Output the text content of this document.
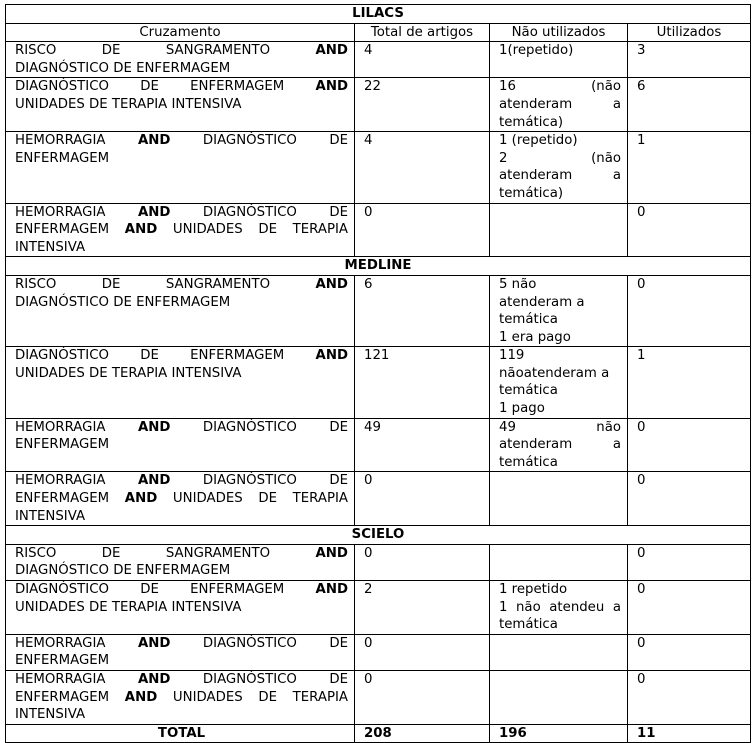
LILACS			
Cruzamento	Total de artigos	Não utilizados	Utilizados

RISCO DE SANGRAMENTO AND
DIAGNÓSTICO DE ENFERMAGEM	4	1(repetido)	3

DIAGNÓSTICO DE ENFERMAGEM AND
UNIDADES DE TERAPIA INTENSIVA	22	16 (não
atenderam a
temática)	6

HEMORRAGIA AND DIAGNÓSTICO DE
ENFERMAGEM	4	1 (repetido)
2 (não
atenderam a
temática)	1

HEMORRAGIA AND DIAGNÓSTICO DE
ENFERMAGEM AND UNIDADES DE TERAPIA
INTENSIVA	0		0
MEDLINE			

RISCO DE SANGRAMENTO AND
DIAGNÓSTICO DE ENFERMAGEM	6	5 não
atenderam a
temática
1 era pago	0

DIAGNÓSTICO DE ENFERMAGEM AND
UNIDADES DE TERAPIA INTENSIVA	121	119
nãoatenderam a
temática
1 pago	1

HEMORRAGIA AND DIAGNÓSTICO DE
ENFERMAGEM	49	49 não
atenderam a
temática	0

HEMORRAGIA AND DIAGNÓSTICO DE
ENFERMAGEM AND UNIDADES DE TERAPIA
INTENSIVA	0		0
SCIELO			

RISCO DE SANGRAMENTO AND
DIAGNÓSTICO DE ENFERMAGEM	0		0

DIAGNÓSTICO DE ENFERMAGEM AND
UNIDADES DE TERAPIA INTENSIVA	2	1 repetido
1 não atendeu a
temática	0

HEMORRAGIA AND DIAGNÓSTICO DE
ENFERMAGEM	0		0

HEMORRAGIA AND DIAGNÓSTICO DE
ENFERMAGEM AND UNIDADES DE TERAPIA
INTENSIVA	0		0
TOTAL	208	196	11
